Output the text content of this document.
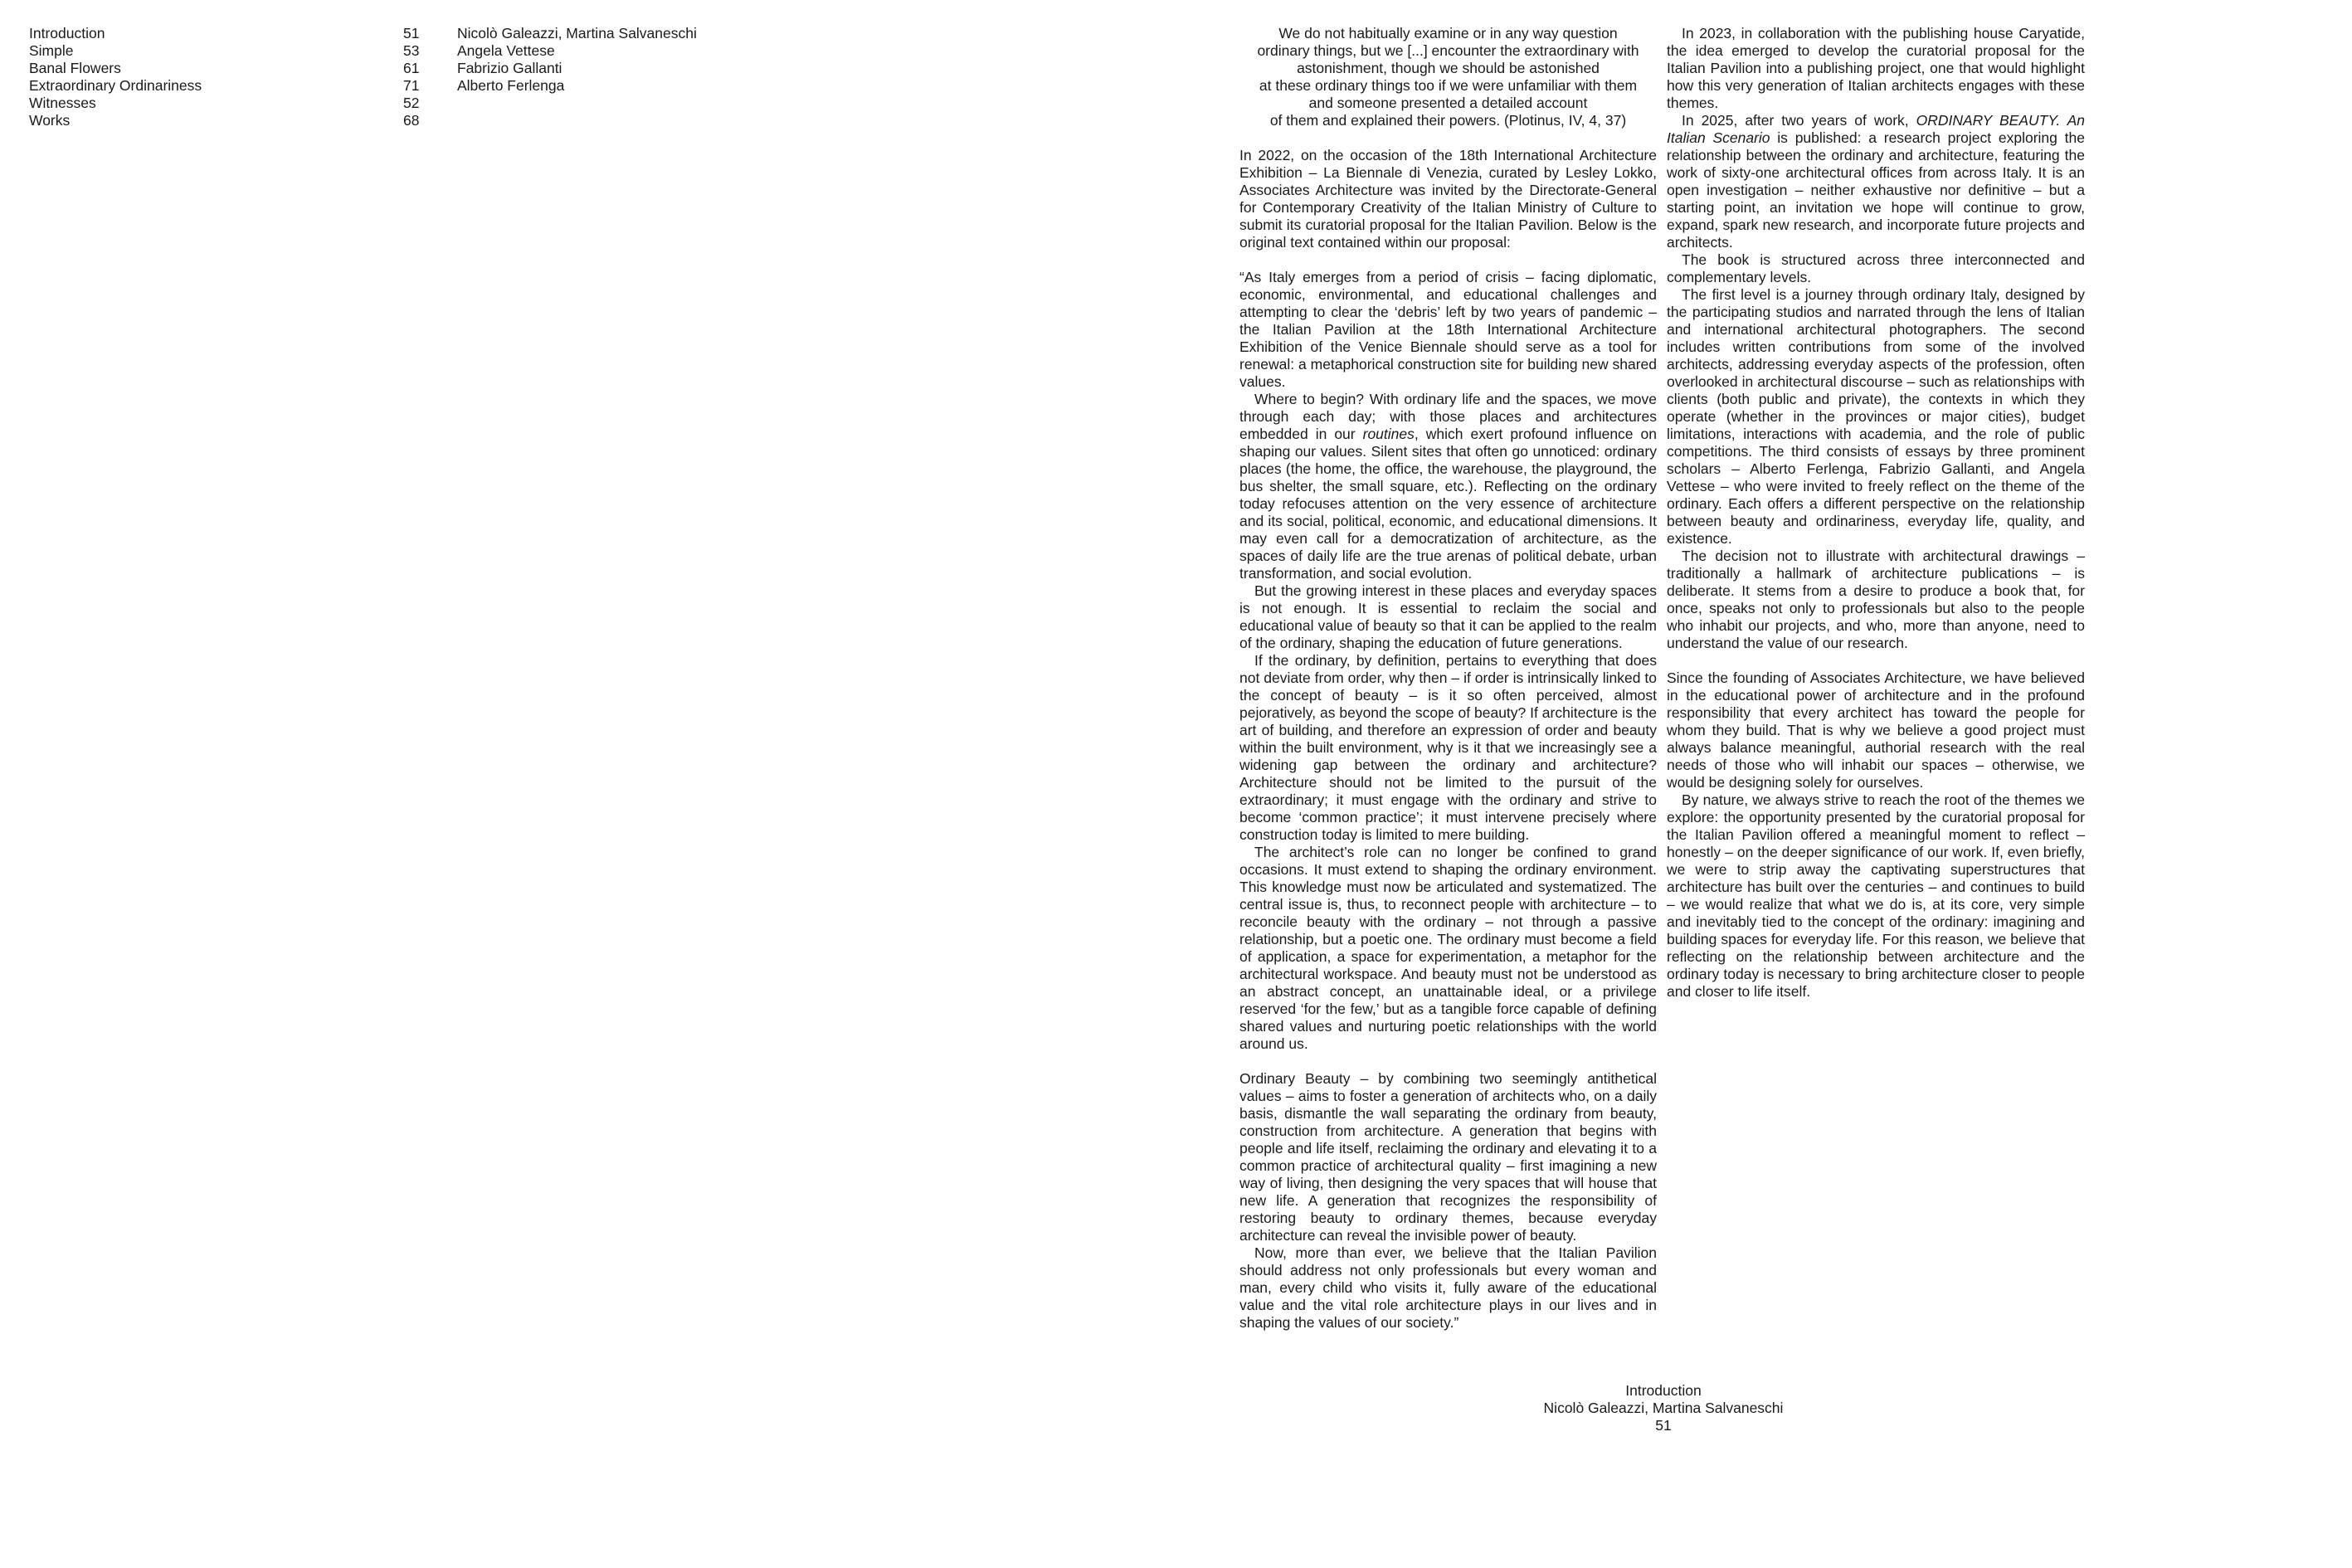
Introduction
Simple
Banal Flowers
Extraordinary Ordinariness
Witnesses
Works
51
53
61
71
52
68
Nicolò Galeazzi, Martina Salvaneschi
Angela Vettese
Fabrizio Gallanti
Alberto Ferlenga
We do not habitually examine or in any way question
ordinary things, but we [...] encounter the extraordinary with
astonishment, though we should be astonished
at these ordinary things too if we were unfamiliar with them
and someone presented a detailed account
of them and explained their powers. (Plotinus, IV, 4, 37)

In 2022, on the occasion of the 18th International Architecture Exhibition – La Biennale di Venezia, curated by Lesley Lokko, Associates Architecture was invited by the Directorate-General for Contemporary Creativity of the Italian Ministry of Culture to submit its curatorial proposal for the Italian Pavilion. Below is the original text contained within our proposal:

“As Italy emerges from a period of crisis – facing diplomatic, economic, environmental, and educational challenges and attempting to clear the ‘debris’ left by two years of pandemic – the Italian Pavilion at the 18th International Architecture Exhibition of the Venice Biennale should serve as a tool for renewal: a metaphorical construction site for building new shared values.

Where to begin? With ordinary life and the spaces, we move through each day; with those places and architectures embedded in our routines, which exert profound influence on shaping our values. Silent sites that often go unnoticed: ordinary places (the home, the office, the warehouse, the playground, the bus shelter, the small square, etc.). Reflecting on the ordinary today refocuses attention on the very essence of architecture and its social, political, economic, and educational dimensions. It may even call for a democratization of architecture, as the spaces of daily life are the true arenas of political debate, urban transformation, and social evolution.

But the growing interest in these places and everyday spaces is not enough. It is essential to reclaim the social and educational value of beauty so that it can be applied to the realm of the ordinary, shaping the education of future generations.

If the ordinary, by definition, pertains to everything that does not deviate from order, why then – if order is intrinsically linked to the concept of beauty – is it so often perceived, almost pejoratively, as beyond the scope of beauty? If architecture is the art of building, and therefore an expression of order and beauty within the built environment, why is it that we increasingly see a widening gap between the ordinary and architecture? Architecture should not be limited to the pursuit of the extraordinary; it must engage with the ordinary and strive to become ‘common practice’; it must intervene precisely where construction today is limited to mere building.

The architect’s role can no longer be confined to grand occasions. It must extend to shaping the ordinary environment. This knowledge must now be articulated and systematized. The central issue is, thus, to reconnect people with architecture – to reconcile beauty with the ordinary – not through a passive relationship, but a poetic one. The ordinary must become a field of application, a space for experimentation, a metaphor for the architectural workspace. And beauty must not be understood as an abstract concept, an unattainable ideal, or a privilege reserved ‘for the few,’ but as a tangible force capable of defining shared values and nurturing poetic relationships with the world around us.

Ordinary Beauty – by combining two seemingly antithetical values – aims to foster a generation of architects who, on a daily basis, dismantle the wall separating the ordinary from beauty, construction from architecture. A generation that begins with people and life itself, reclaiming the ordinary and elevating it to a common practice of architectural quality – first imagining a new way of living, then designing the very spaces that will house that new life. A generation that recognizes the responsibility of restoring beauty to ordinary themes, because everyday architecture can reveal the invisible power of beauty.

Now, more than ever, we believe that the Italian Pavilion should address not only professionals but every woman and man, every child who visits it, fully aware of the educational value and the vital role architecture plays in our lives and in shaping the values of our society.”

In 2023, in collaboration with the publishing house Caryatide, the idea emerged to develop the curatorial proposal for the Italian Pavilion into a publishing project, one that would highlight how this very generation of Italian architects engages with these themes.

In 2025, after two years of work, ORDINARY BEAUTY. An Italian Scenario is published: a research project exploring the relationship between the ordinary and architecture, featuring the work of sixty-one architectural offices from across Italy. It is an open investigation – neither exhaustive nor definitive – but a starting point, an invitation we hope will continue to grow, expand, spark new research, and incorporate future projects and architects.

The book is structured across three interconnected and complementary levels.

The first level is a journey through ordinary Italy, designed by the participating studios and narrated through the lens of Italian and international architectural photographers. The second includes written contributions from some of the involved architects, addressing everyday aspects of the profession, often overlooked in architectural discourse – such as relationships with clients (both public and private), the contexts in which they operate (whether in the provinces or major cities), budget limitations, interactions with academia, and the role of public competitions. The third consists of essays by three prominent scholars – Alberto Ferlenga, Fabrizio Gallanti, and Angela Vettese – who were invited to freely reflect on the theme of the ordinary. Each offers a different perspective on the relationship between beauty and ordinariness, everyday life, quality, and existence.

The decision not to illustrate with architectural drawings – traditionally a hallmark of architecture publications – is deliberate. It stems from a desire to produce a book that, for once, speaks not only to professionals but also to the people who inhabit our projects, and who, more than anyone, need to understand the value of our research.

Since the founding of Associates Architecture, we have believed in the educational power of architecture and in the profound responsibility that every architect has toward the people for whom they build. That is why we believe a good project must always balance meaningful, authorial research with the real needs of those who will inhabit our spaces – otherwise, we would be designing solely for ourselves.

By nature, we always strive to reach the root of the themes we explore: the opportunity presented by the curatorial proposal for the Italian Pavilion offered a meaningful moment to reflect – honestly – on the deeper significance of our work. If, even briefly, we were to strip away the captivating superstructures that architecture has built over the centuries – and continues to build – we would realize that what we do is, at its core, very simple and inevitably tied to the concept of the ordinary: imagining and building spaces for everyday life. For this reason, we believe that reflecting on the relationship between architecture and the ordinary today is necessary to bring architecture closer to people and closer to life itself.

Introduction
Nicolò Galeazzi, Martina Salvaneschi
51
